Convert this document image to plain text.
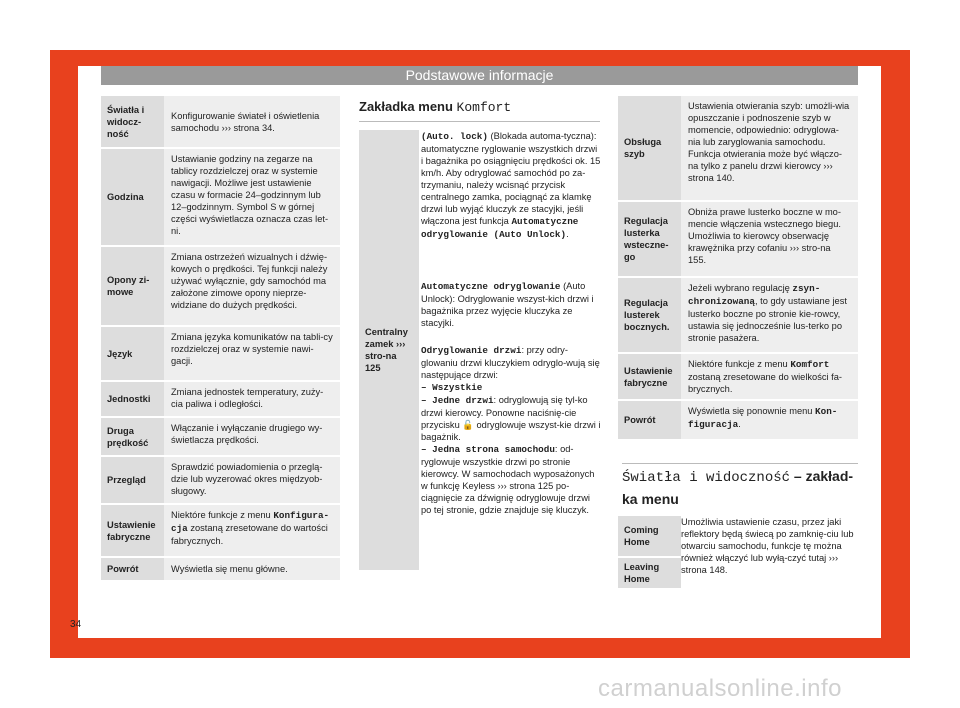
Podstawowe informacje
Światła i widocz-ność
Konfigurowanie świateł i oświetlenia samochodu ››› strona 34.
Godzina
Ustawianie godziny na zegarze na tablicy rozdzielczej oraz w systemie nawigacji. Możliwe jest ustawienie czasu w formacie 24–godzinnym lub 12–godzinnym. Symbol S w górnej części wyświetlacza oznacza czas let-ni.
Opony zi-mowe
Zmiana ostrzeżeń wizualnych i dźwię-kowych o prędkości. Tej funkcji należy używać wyłącznie, gdy samochód ma założone zimowe opony nieprze-widziane do dużych prędkości.
Język
Zmiana języka komunikatów na tabli-cy rozdzielczej oraz w systemie nawi-gacji.
Jednostki
Zmiana jednostek temperatury, zuży-cia paliwa i odległości.
Druga prędkość
Włączanie i wyłączanie drugiego wy-świetlacza prędkości.
Przegląd
Sprawdzić powiadomienia o przeglą-dzie lub wyzerować okres międzyob-sługowy.
Ustawienie fabryczne
Niektóre funkcje z menu Konfigura-cja zostaną zresetowane do wartości fabrycznych.
Powrót	Wyświetla się menu główne.
Zakładka menu Komfort
Centralny zamek ››› stro-na 125
(Auto. lock) (Blokada automa-tyczna): automatyczne ryglowanie wszystkich drzwi i bagażnika po osiągnięciu prędkości ok. 15 km/h. Aby odryglować samochód po za-trzymaniu, należy wcisnąć przycisk centralnego zamka, pociągnąć za klamkę drzwi lub wyjąć kluczyk ze stacyjki, jeśli włączona jest funkcja Automatyczne odryglowanie (Auto Unlock).
Automatyczne odryglowanie (Auto Unlock): Odryglowanie wszyst-kich drzwi i bagażnika przez wyjęcie kluczyka ze stacyjki.
Odryglowanie drzwi: przy odry-glowaniu drzwi kluczykiem odryglo-wują się następujące drzwi:
– Wszystkie
– Jedne drzwi: odryglowują się tyl-ko drzwi kierowcy. Ponowne naciśnię-cie przycisku 🔓 odryglowuje wszyst-kie drzwi i bagażnik.
– Jedna strona samochodu: od-ryglowuje wszystkie drzwi po stronie kierowcy. W samochodach wyposażonych w funkcję Keyless ››› strona 125 po-ciągnięcie za dźwignię odryglowuje drzwi po tej stronie, gdzie znajduje się kluczyk.
Obsługa szyb
Ustawienia otwierania szyb: umożli-wia opuszczanie i podnoszenie szyb w momencie, odpowiednio: odryglowa-nia lub zaryglowania samochodu. Funkcja otwierania może być włączo-na tylko z panelu drzwi kierowcy ››› strona 140.
Regulacja lusterka wsteczne-go
Obniża prawe lusterko boczne w mo-mencie włączenia wstecznego biegu. Umożliwia to kierowcy obserwację krawężnika przy cofaniu ››› stro-na 155.
Regulacja lusterek bocznych.
Jeżeli wybrano regulację zsyn-chronizowaną, to gdy ustawiane jest lusterko boczne po stronie kie-rowcy, ustawia się jednocześnie lus-terko po stronie pasażera.
Ustawienie fabryczne
Niektóre funkcje z menu Komfort zostaną zresetowane do wielkości fa-brycznych.
Powrót
Wyświetla się ponownie menu Kon-figuracja.
Światła i widoczność – zakład-ka menu
Coming Home
Leaving Home
Umożliwia ustawienie czasu, przez jaki reflektory będą świecą po zamknię-ciu lub otwarciu samochodu, funkcje tę można również włączyć lub wyłą-czyć tutaj ››› strona 148.
34
carmanualsonline.info
